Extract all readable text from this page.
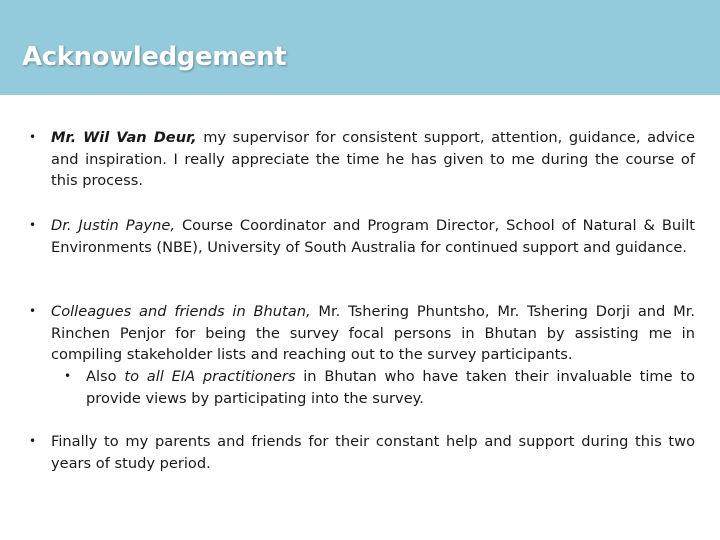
Acknowledgement
• Mr. Wil Van Deur, my supervisor for consistent support, attention, guidance, advice and inspiration. I really appreciate the time he has given to me during the course of this process.

• Dr. Justin Payne, Course Coordinator and Program Director, School of Natural & Built Environments (NBE), University of South Australia for continued support and guidance.

• Colleagues and friends in Bhutan, Mr. Tshering Phuntsho, Mr. Tshering Dorji and Mr. Rinchen Penjor for being the survey focal persons in Bhutan by assisting me in compiling stakeholder lists and reaching out to the survey participants.

• Also to all EIA practitioners in Bhutan who have taken their invaluable time to provide views by participating into the survey.

• Finally to my parents and friends for their constant help and support during this two years of study period.
